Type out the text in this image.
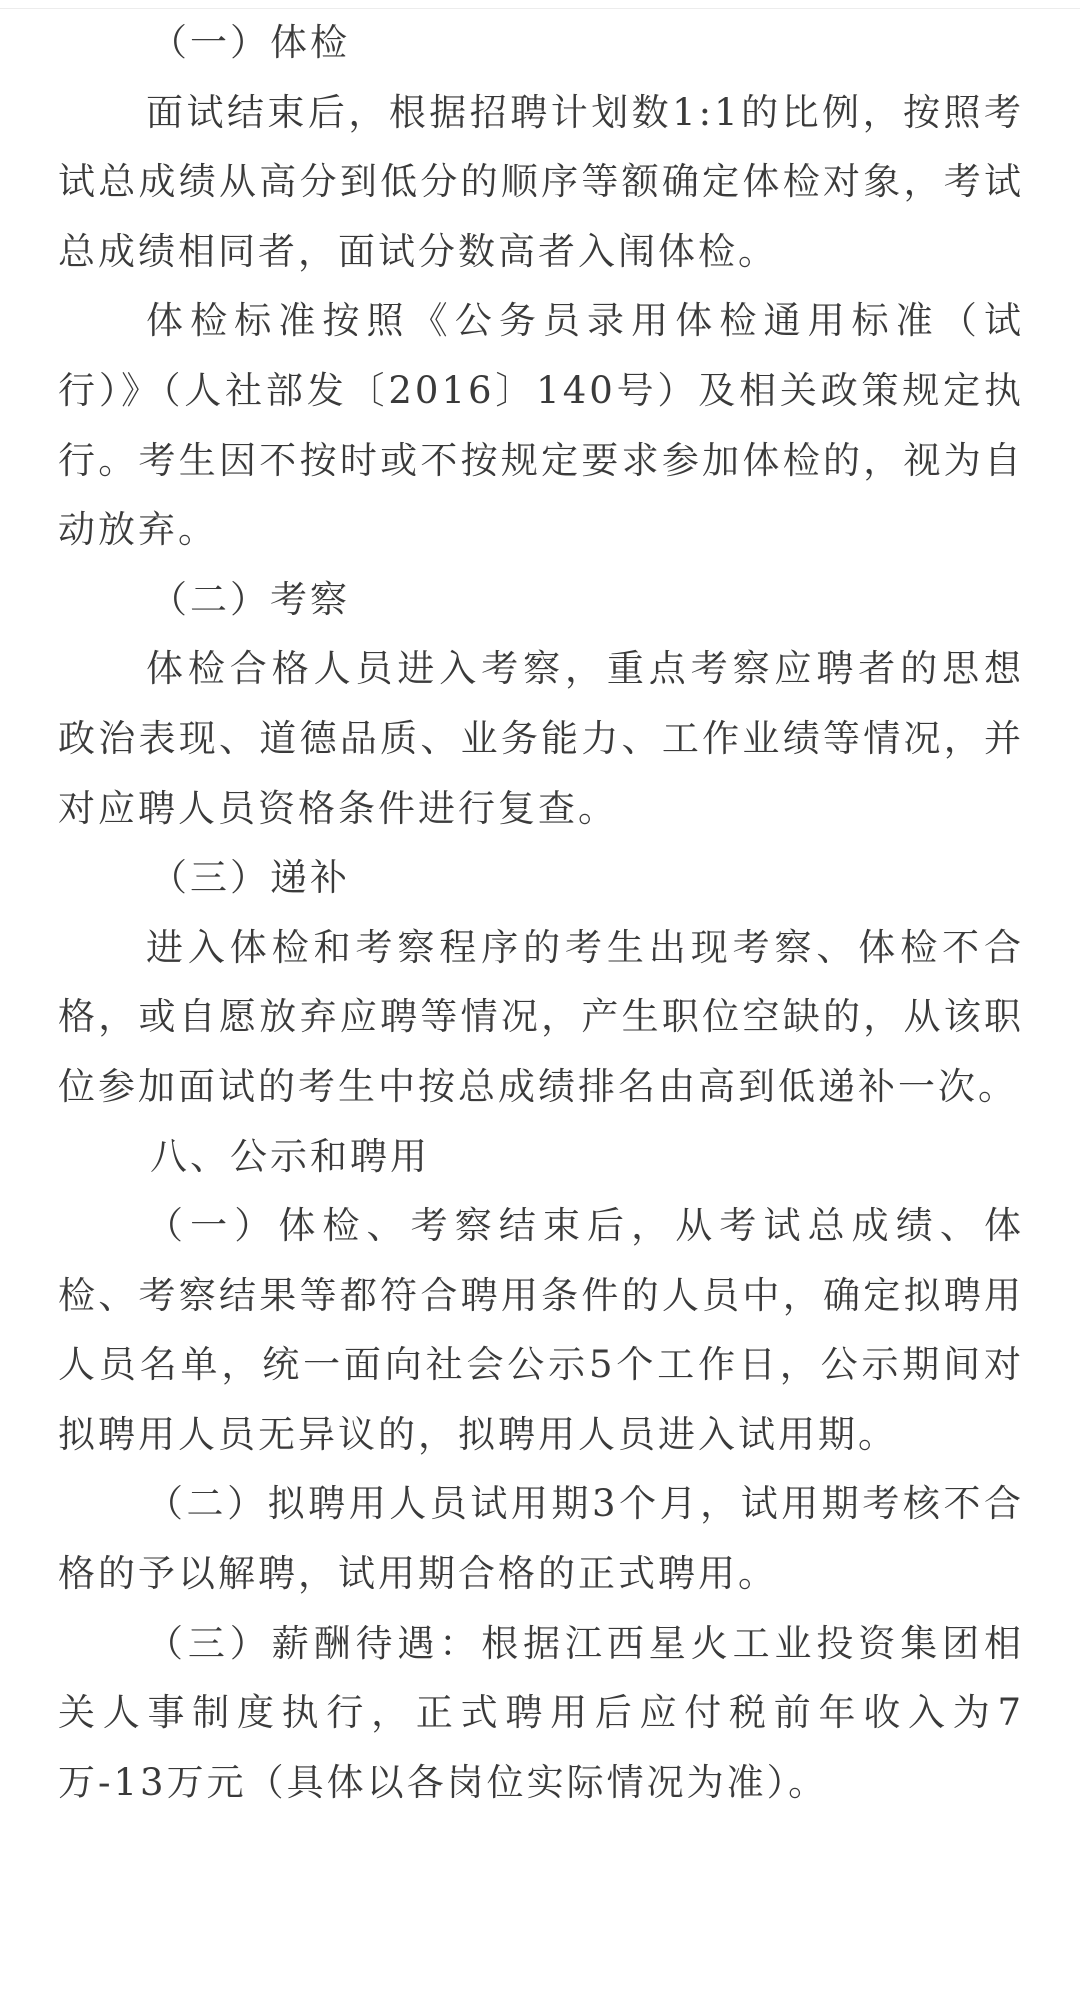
（一）体检

面试结束后，根据招聘计划数1:1的比例，按照考试总成绩从高分到低分的顺序等额确定体检对象，考试总成绩相同者，面试分数高者入闱体检。

体检标准按照《公务员录用体检通用标准（试行）》（人社部发〔2016〕140号）及相关政策规定执行。考生因不按时或不按规定要求参加体检的，视为自动放弃。

（二）考察

体检合格人员进入考察，重点考察应聘者的思想政治表现、道德品质、业务能力、工作业绩等情况，并对应聘人员资格条件进行复查。

（三）递补

进入体检和考察程序的考生出现考察、体检不合格，或自愿放弃应聘等情况，产生职位空缺的，从该职位参加面试的考生中按总成绩排名由高到低递补一次。

八、公示和聘用

（一）体检、考察结束后，从考试总成绩、体检、考察结果等都符合聘用条件的人员中，确定拟聘用人员名单，统一面向社会公示5个工作日，公示期间对拟聘用人员无异议的，拟聘用人员进入试用期。

（二）拟聘用人员试用期3个月，试用期考核不合格的予以解聘，试用期合格的正式聘用。

（三）薪酬待遇：根据江西星火工业投资集团相关人事制度执行，正式聘用后应付税前年收入为7万-13万元（具体以各岗位实际情况为准）。
